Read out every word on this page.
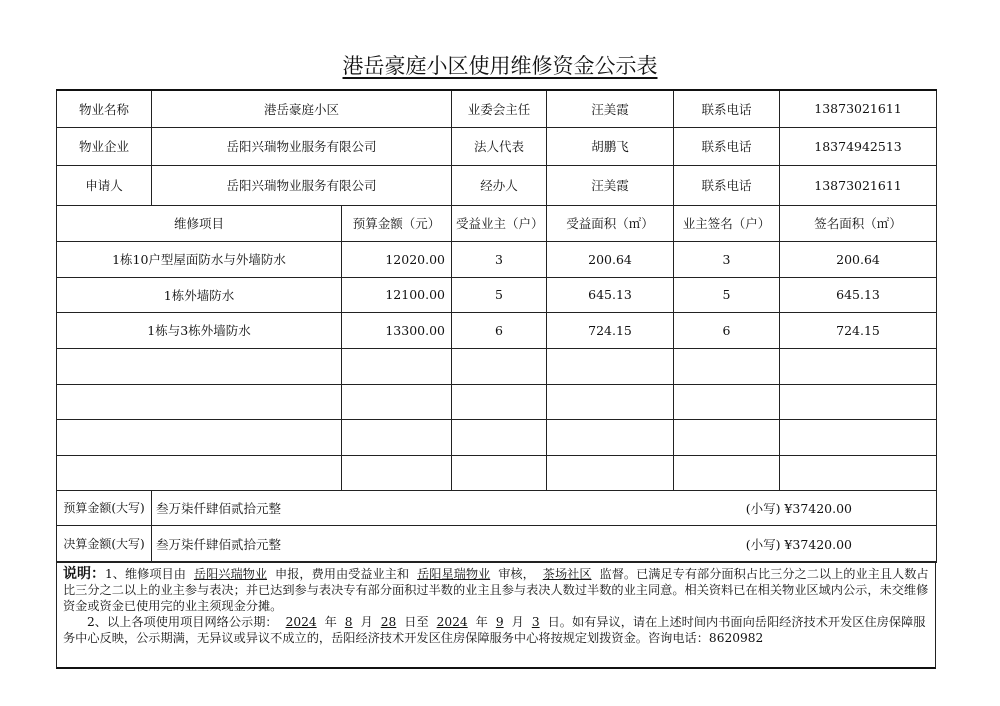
港岳豪庭小区使用维修资金公示表
物业名称	港岳豪庭小区		业委会主任	汪美霞	联系电话	13873021611
物业企业	岳阳兴瑞物业服务有限公司		法人代表	胡鹏飞	联系电话	18374942513
申请人	岳阳兴瑞物业服务有限公司		经办人	汪美霞	联系电话	13873021611
维修项目		预算金额（元）	受益业主（户）	受益面积（㎡）	业主签名（户）	签名面积（㎡）
1栋10户型屋面防水与外墙防水		12020.00	3	200.64	3	200.64
1栋外墙防水		12100.00	5	645.13	5	645.13
1栋与3栋外墙防水		13300.00	6	724.15	6	724.15

预算金额(大写)	叁万柒仟肆佰贰拾元整 (小写) ¥37420.00					

决算金额(大写)	叁万柒仟肆佰贰拾元整 (小写) ¥37420.00					
说明：1、维修项目由 岳阳兴瑞物业 申报，费用由受益业主和 岳阳星瑞物业 审核， 茶场社区 监督。已满足专有部分面积占比三分之二以上的业主且人数占比三分之二以上的业主参与表决；并已达到参与表决专有部分面积过半数的业主且参与表决人数过半数的业主同意。相关资料已在相关物业区域内公示，未交维修资金或资金已使用完的业主须现金分摊。
2、以上各项使用项目网络公示期： 2024 年 8 月 28 日至 2024 年 9 月 3 日。如有异议，请在上述时间内书面向岳阳经济技术开发区住房保障服务中心反映，公示期满，无异议或异议不成立的，岳阳经济技术开发区住房保障服务中心将按规定划拨资金。咨询电话：8620982
